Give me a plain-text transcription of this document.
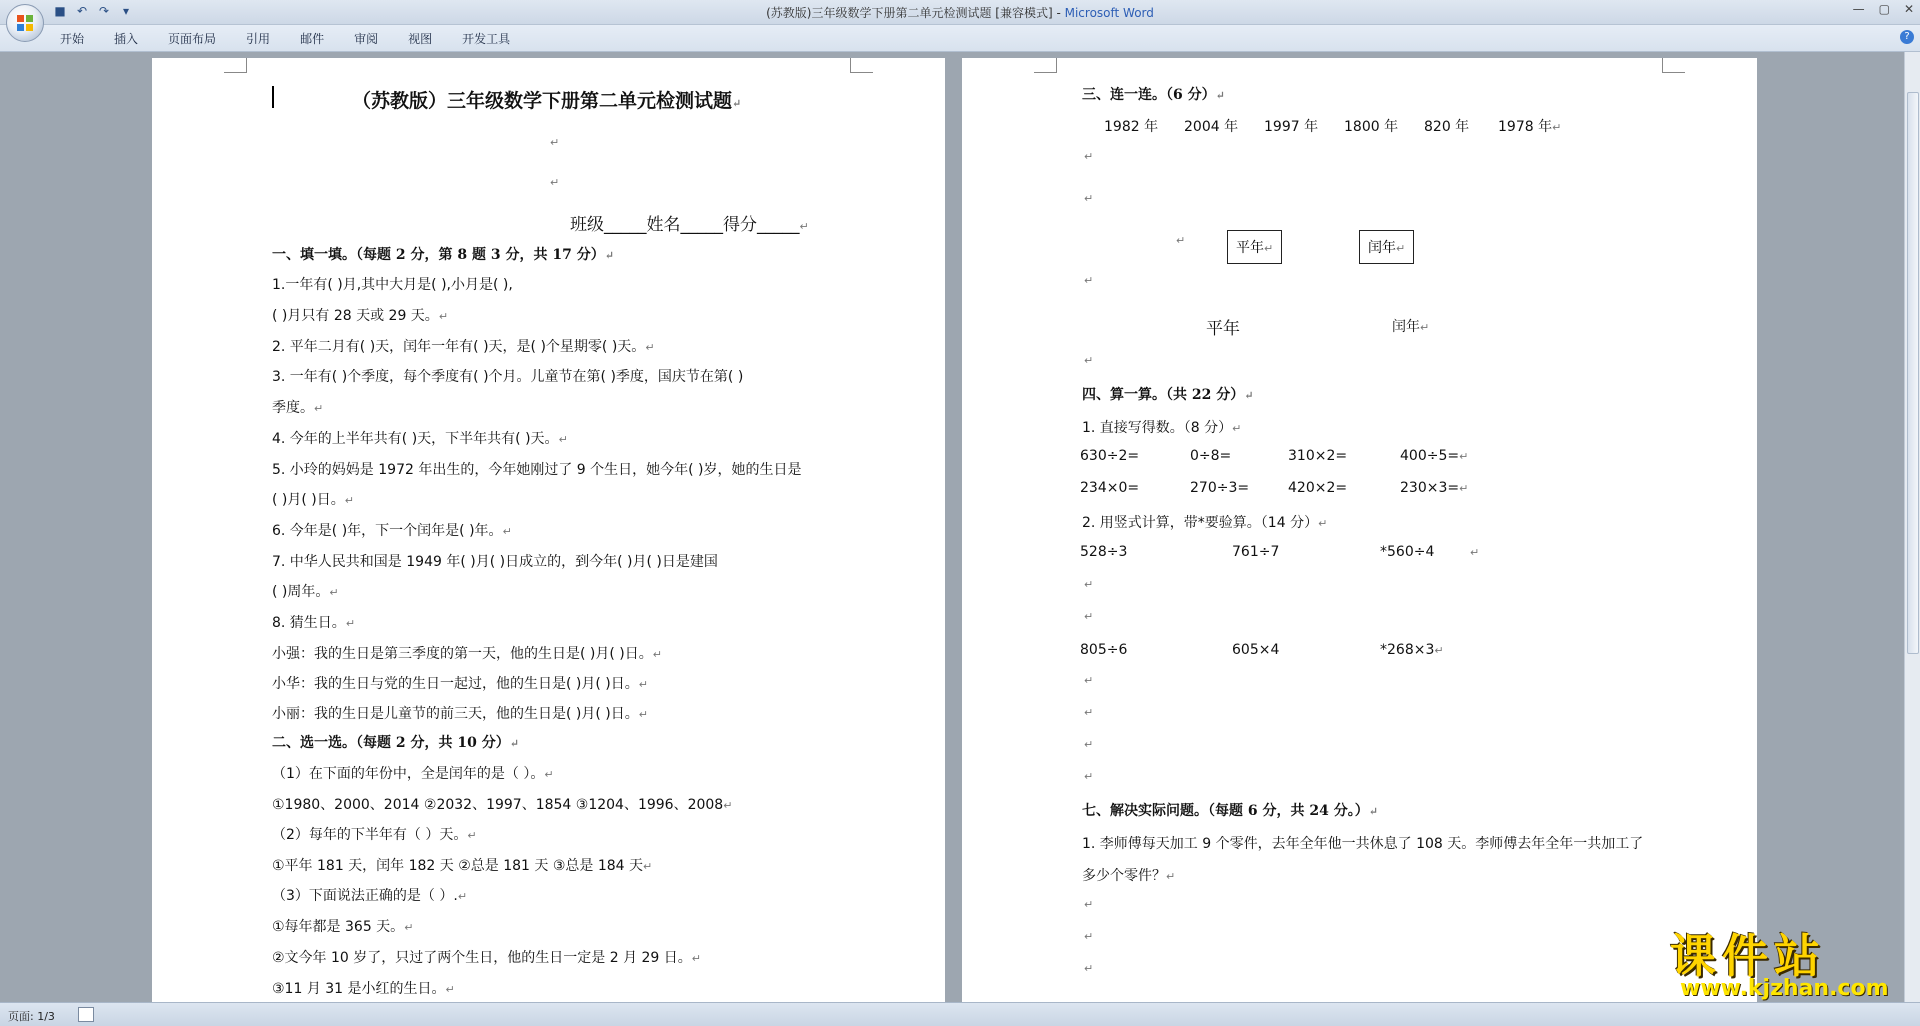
■ ↶ ↷	▾	(苏教版)三年级数学下册第二单元检测试题 [兼容模式] - Microsoft Word	— ▢ ✕
开始	插入	页面布局	引用	邮件	审阅	视图	开发工具	?
（苏教版）三年级数学下册第二单元检测试题↵
↵
↵
班级_____姓名_____得分_____↵
一、填一填。（每题 2 分，第 8 题 3 分，共 17 分）↵
1.一年有( )月,其中大月是( ),小月是( ),
( )月只有 28 天或 29 天。↵
2. 平年二月有( )天，闰年一年有( )天，是( )个星期零( )天。↵
3. 一年有( )个季度，每个季度有( )个月。儿童节在第( )季度，国庆节在第( )
季度。↵
4. 今年的上半年共有( )天，下半年共有( )天。↵
5. 小玲的妈妈是 1972 年出生的，今年她刚过了 9 个生日，她今年( )岁，她的生日是
( )月( )日。↵
6. 今年是( )年，下一个闰年是( )年。↵
7. 中华人民共和国是 1949 年( )月( )日成立的，到今年( )月( )日是建国
( )周年。↵
8. 猜生日。↵
小强：我的生日是第三季度的第一天，他的生日是( )月( )日。↵
小华：我的生日与党的生日一起过，他的生日是( )月( )日。↵
小丽：我的生日是儿童节的前三天，他的生日是( )月( )日。↵
二、选一选。（每题 2 分，共 10 分）↵
（1）在下面的年份中，全是闰年的是（ ）。↵
①1980、2000、2014 ②2032、1997、1854 ③1204、1996、2008↵
（2）每年的下半年有（ ）天。↵
①平年 181 天，闰年 182 天 ②总是 181 天 ③总是 184 天↵
（3）下面说法正确的是（ ）.↵
①每年都是 365 天。↵
②文今年 10 岁了，只过了两个生日，他的生日一定是 2 月 29 日。↵
③11 月 31 是小红的生日。↵
三、连一连。（6 分）↵
1982 年 2004 年 1997 年 1800 年 820 年 1978 年↵
↵
↵
↵	平年↵	闰年↵
↵
平年	闰年↵
↵
四、算一算。（共 22 分）↵
1. 直接写得数。（8 分）↵
630÷2=	0÷8=	310×2=	400÷5=↵
234×0=	270÷3=	420×2=	230×3=↵
2. 用竖式计算，带*要验算。（14 分）↵
528÷3	761÷7	*560÷4	↵
↵
↵
805÷6	605×4	*268×3↵
↵
↵
↵
↵
七、解决实际问题。（每题 6 分，共 24 分。）↵
1. 李师傅每天加工 9 个零件，去年全年他一共休息了 108 天。李师傅去年全年一共加工了
多少个零件？↵
↵
↵
↵
页面: 1/3
课件站
www.kjzhan.com
